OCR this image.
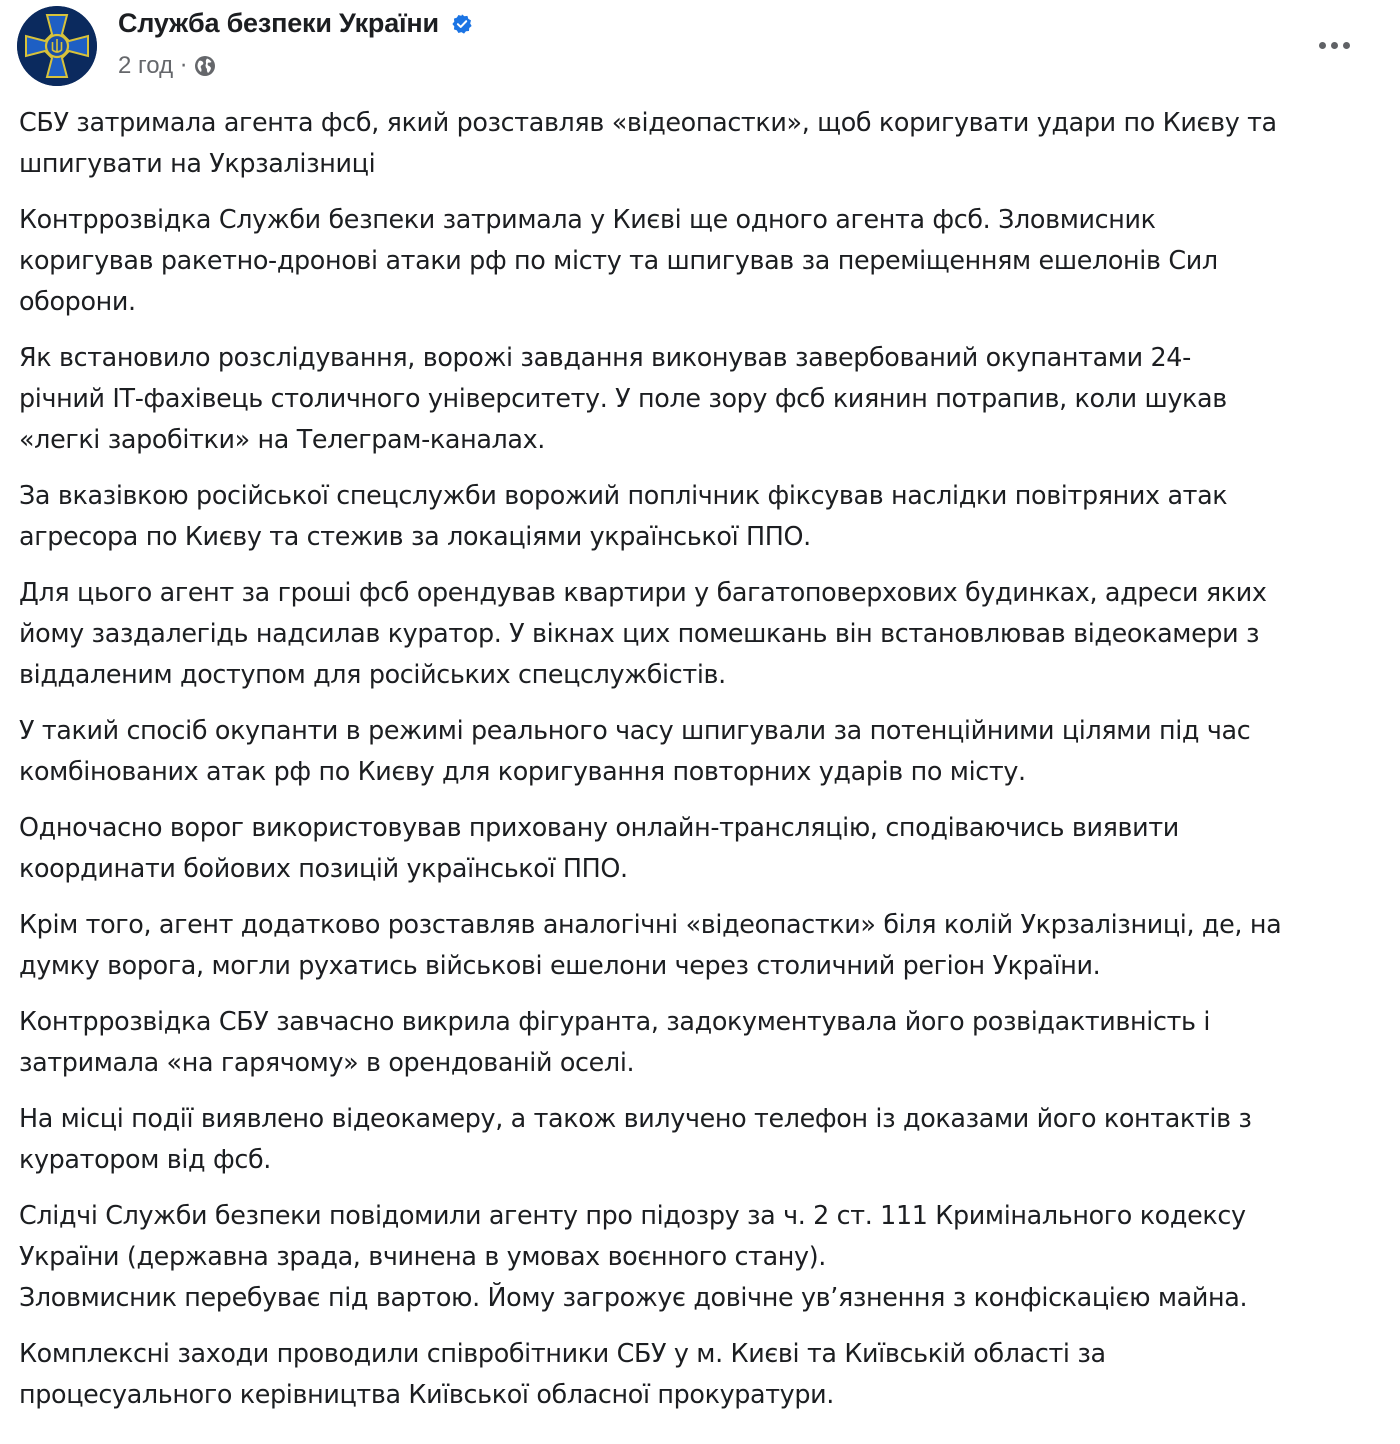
Служба безпеки України
2 год ·

СБУ затримала агента фсб, який розставляв «відеопастки», щоб коригувати удари по Києву та
шпигувати на Укрзалізниці

Контррозвідка Служби безпеки затримала у Києві ще одного агента фсб. Зловмисник
коригував ракетно-дронові атаки рф по місту та шпигував за переміщенням ешелонів Сил
оборони.

Як встановило розслідування, ворожі завдання виконував завербований окупантами 24-
річний ІТ-фахівець столичного університету. У поле зору фсб киянин потрапив, коли шукав
«легкі заробітки» на Телеграм-каналах.

За вказівкою російської спецслужби ворожий поплічник фіксував наслідки повітряних атак
агресора по Києву та стежив за локаціями української ППО.

Для цього агент за гроші фсб орендував квартири у багатоповерхових будинках, адреси яких
йому заздалегідь надсилав куратор. У вікнах цих помешкань він встановлював відеокамери з
віддаленим доступом для російських спецслужбістів.

У такий спосіб окупанти в режимі реального часу шпигували за потенційними цілями під час
комбінованих атак рф по Києву для коригування повторних ударів по місту.

Одночасно ворог використовував приховану онлайн-трансляцію, сподіваючись виявити
координати бойових позицій української ППО.

Крім того, агент додатково розставляв аналогічні «відеопастки» біля колій Укрзалізниці, де, на
думку ворога, могли рухатись військові ешелони через столичний регіон України.

Контррозвідка СБУ завчасно викрила фігуранта, задокументувала його розвідактивність і
затримала «на гарячому» в орендованій оселі.

На місці події виявлено відеокамеру, а також вилучено телефон із доказами його контактів з
куратором від фсб.

Слідчі Служби безпеки повідомили агенту про підозру за ч. 2 ст. 111 Кримінального кодексу
України (державна зрада, вчинена в умовах воєнного стану).
Зловмисник перебуває під вартою. Йому загрожує довічне ув’язнення з конфіскацією майна.

Комплексні заходи проводили співробітники СБУ у м. Києві та Київській області за
процесуального керівництва Київської обласної прокуратури.
